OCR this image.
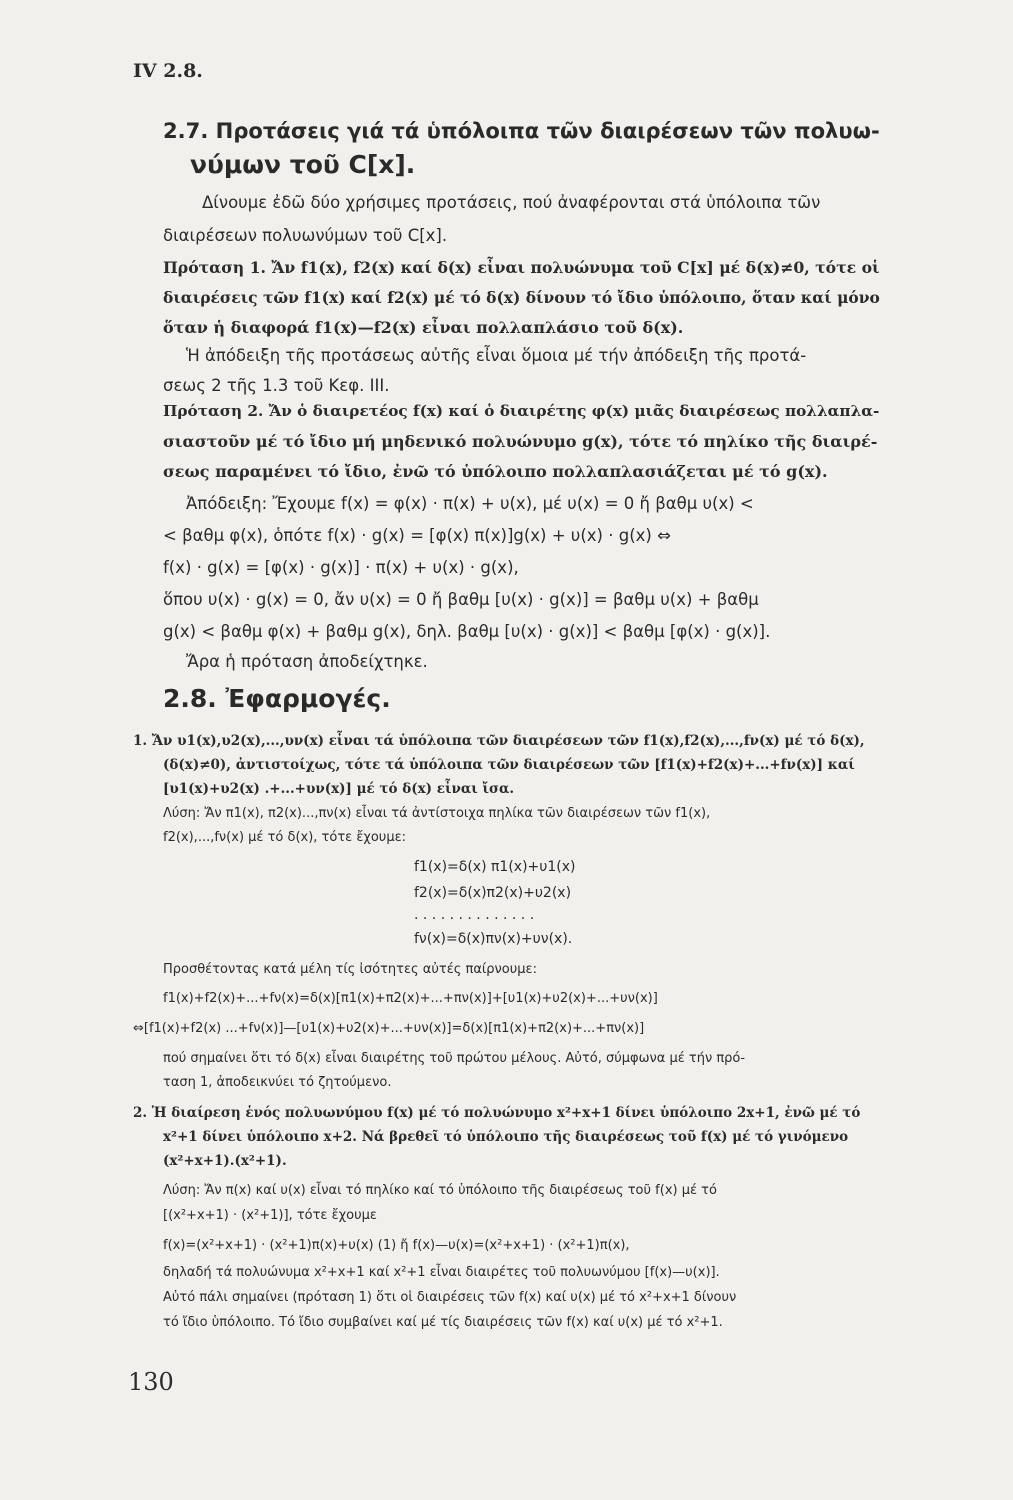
IV 2.8.
2.7. Προτάσεις γιά τά ὑπόλοιπα τῶν διαιρέσεων τῶν πολυω-
νύμων τοῦ C[x].
Δίνουμε ἐδῶ δύο χρήσιμες προτάσεις, πού ἀναφέρονται στά ὑπόλοιπα τῶν
διαιρέσεων πολυωνύμων τοῦ C[x].
Πρόταση 1. Ἄν f1(x), f2(x) καί δ(x) εἶναι πολυώνυμα τοῦ C[x] μέ δ(x)≠0, τότε οἱ
διαιρέσεις τῶν f1(x) καί f2(x) μέ τό δ(x) δίνουν τό ἴδιο ὑπόλοιπο, ὅταν καί μόνο
ὅταν ἡ διαφορά f1(x)—f2(x) εἶναι πολλαπλάσιο τοῦ δ(x).
Ἡ ἀπόδειξη τῆς προτάσεως αὐτῆς εἶναι ὅμοια μέ τήν ἀπόδειξη τῆς προτά-
σεως 2 τῆς 1.3 τοῦ Κεφ. III.
Πρόταση 2. Ἄν ὁ διαιρετέος f(x) καί ὁ διαιρέτης φ(x) μιᾶς διαιρέσεως πολλαπλα-
σιαστοῦν μέ τό ἴδιο μή μηδενικό πολυώνυμο g(x), τότε τό πηλίκο τῆς διαιρέ-
σεως παραμένει τό ἴδιο, ἐνῶ τό ὑπόλοιπο πολλαπλασιάζεται μέ τό g(x).
Ἀπόδειξη: Ἔχουμε f(x) = φ(x) · π(x) + υ(x), μέ υ(x) = 0 ἤ βαθμ υ(x) <
< βαθμ φ(x), ὁπότε f(x) · g(x) = [φ(x) π(x)]g(x) + υ(x) · g(x) ⇔
f(x) · g(x) = [φ(x) · g(x)] · π(x) + υ(x) · g(x),
ὅπου υ(x) · g(x) = 0, ἄν υ(x) = 0 ἤ βαθμ [υ(x) · g(x)] = βαθμ υ(x) + βαθμ
g(x) < βαθμ φ(x) + βαθμ g(x), δηλ. βαθμ [υ(x) · g(x)] < βαθμ [φ(x) · g(x)].
Ἄρα ἡ πρόταση ἀποδείχτηκε.
2.8. Ἐφαρμογές.
1. Ἄν υ1(x),υ2(x),...,υν(x) εἶναι τά ὑπόλοιπα τῶν διαιρέσεων τῶν f1(x),f2(x),...,fν(x) μέ τό δ(x),
(δ(x)≠0), ἀντιστοίχως, τότε τά ὑπόλοιπα τῶν διαιρέσεων τῶν [f1(x)+f2(x)+...+fν(x)] καί
[υ1(x)+υ2(x) .+...+υν(x)] μέ τό δ(x) εἶναι ἴσα.
Λύση: Ἄν π1(x), π2(x)...,πν(x) εἶναι τά ἀντίστοιχα πηλίκα τῶν διαιρέσεων τῶν f1(x),
f2(x),...,fν(x) μέ τό δ(x), τότε ἔχουμε:
f1(x)=δ(x) π1(x)+υ1(x)
f2(x)=δ(x)π2(x)+υ2(x)
. . . . . . . . . . . . . .
fν(x)=δ(x)πν(x)+υν(x).
Προσθέτοντας κατά μέλη τίς ἰσότητες αὐτές παίρνουμε:
f1(x)+f2(x)+...+fν(x)=δ(x)[π1(x)+π2(x)+...+πν(x)]+[υ1(x)+υ2(x)+...+υν(x)]
⇔[f1(x)+f2(x) ...+fν(x)]—[υ1(x)+υ2(x)+...+υν(x)]=δ(x)[π1(x)+π2(x)+...+πν(x)]
πού σημαίνει ὅτι τό δ(x) εἶναι διαιρέτης τοῦ πρώτου μέλους. Αὐτό, σύμφωνα μέ τήν πρό-
ταση 1, ἀποδεικνύει τό ζητούμενο.
2. Ἡ διαίρεση ἑνός πολυωνύμου f(x) μέ τό πολυώνυμο x²+x+1 δίνει ὑπόλοιπο 2x+1, ἐνῶ μέ τό
x²+1 δίνει ὑπόλοιπο x+2. Νά βρεθεῖ τό ὑπόλοιπο τῆς διαιρέσεως τοῦ f(x) μέ τό γινόμενο
(x²+x+1).(x²+1).
Λύση: Ἄν π(x) καί υ(x) εἶναι τό πηλίκο καί τό ὑπόλοιπο τῆς διαιρέσεως τοῦ f(x) μέ τό
[(x²+x+1) · (x²+1)], τότε ἔχουμε
f(x)=(x²+x+1) · (x²+1)π(x)+υ(x) (1) ἤ f(x)—υ(x)=(x²+x+1) · (x²+1)π(x),
δηλαδή τά πολυώνυμα x²+x+1 καί x²+1 εἶναι διαιρέτες τοῦ πολυωνύμου [f(x)—υ(x)].
Αὐτό πάλι σημαίνει (πρόταση 1) ὅτι οἱ διαιρέσεις τῶν f(x) καί υ(x) μέ τό x²+x+1 δίνουν
τό ἴδιο ὑπόλοιπο. Τό ἴδιο συμβαίνει καί μέ τίς διαιρέσεις τῶν f(x) καί υ(x) μέ τό x²+1.
130
